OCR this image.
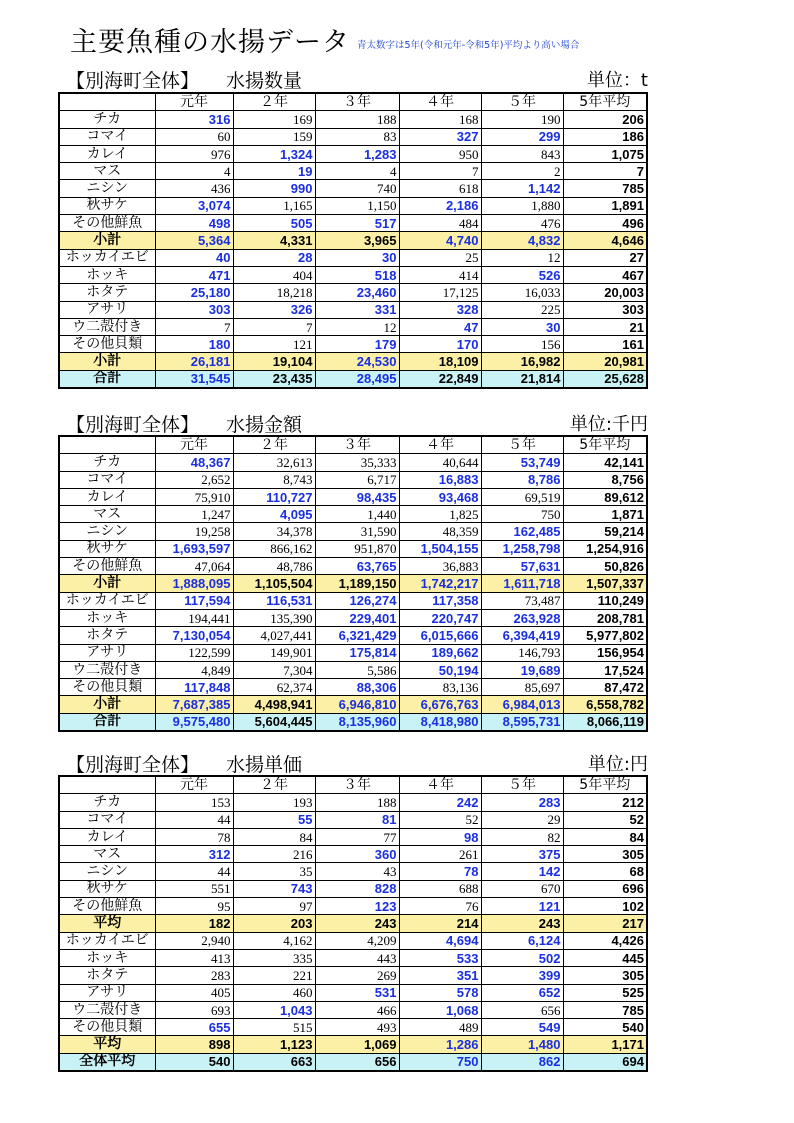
主要魚種の水揚データ 青太数字は5年(令和元年-令和5年)平均より高い場合
【別海町全体】 水揚数量	単位：t
	元年	２年	３年	４年	５年	5年平均
チカ	316	169	188	168	190	206
コマイ	60	159	83	327	299	186
カレイ	976	1,324	1,283	950	843	1,075
マス	4	19	4	7	2	7
ニシン	436	990	740	618	1,142	785
秋サケ	3,074	1,165	1,150	2,186	1,880	1,891
その他鮮魚	498	505	517	484	476	496
小計	5,364	4,331	3,965	4,740	4,832	4,646
ホッカイエビ	40	28	30	25	12	27
ホッキ	471	404	518	414	526	467
ホタテ	25,180	18,218	23,460	17,125	16,033	20,003
アサリ	303	326	331	328	225	303
ウ二殻付き	7	7	12	47	30	21
その他貝類	180	121	179	170	156	161
小計	26,181	19,104	24,530	18,109	16,982	20,981
合計	31,545	23,435	28,495	22,849	21,814	25,628
【別海町全体】 水揚金額	単位:千円
	元年	２年	３年	４年	５年	5年平均
チカ	48,367	32,613	35,333	40,644	53,749	42,141
コマイ	2,652	8,743	6,717	16,883	8,786	8,756
カレイ	75,910	110,727	98,435	93,468	69,519	89,612
マス	1,247	4,095	1,440	1,825	750	1,871
ニシン	19,258	34,378	31,590	48,359	162,485	59,214
秋サケ	1,693,597	866,162	951,870	1,504,155	1,258,798	1,254,916
その他鮮魚	47,064	48,786	63,765	36,883	57,631	50,826
小計	1,888,095	1,105,504	1,189,150	1,742,217	1,611,718	1,507,337
ホッカイエビ	117,594	116,531	126,274	117,358	73,487	110,249
ホッキ	194,441	135,390	229,401	220,747	263,928	208,781
ホタテ	7,130,054	4,027,441	6,321,429	6,015,666	6,394,419	5,977,802
アサリ	122,599	149,901	175,814	189,662	146,793	156,954
ウ二殻付き	4,849	7,304	5,586	50,194	19,689	17,524
その他貝類	117,848	62,374	88,306	83,136	85,697	87,472
小計	7,687,385	4,498,941	6,946,810	6,676,763	6,984,013	6,558,782
合計	9,575,480	5,604,445	8,135,960	8,418,980	8,595,731	8,066,119
【別海町全体】 水揚単価	単位:円
	元年	２年	３年	４年	５年	5年平均
チカ	153	193	188	242	283	212
コマイ	44	55	81	52	29	52
カレイ	78	84	77	98	82	84
マス	312	216	360	261	375	305
ニシン	44	35	43	78	142	68
秋サケ	551	743	828	688	670	696
その他鮮魚	95	97	123	76	121	102
平均	182	203	243	214	243	217
ホッカイエビ	2,940	4,162	4,209	4,694	6,124	4,426
ホッキ	413	335	443	533	502	445
ホタテ	283	221	269	351	399	305
アサリ	405	460	531	578	652	525
ウ二殻付き	693	1,043	466	1,068	656	785
その他貝類	655	515	493	489	549	540
平均	898	1,123	1,069	1,286	1,480	1,171
全体平均	540	663	656	750	862	694
